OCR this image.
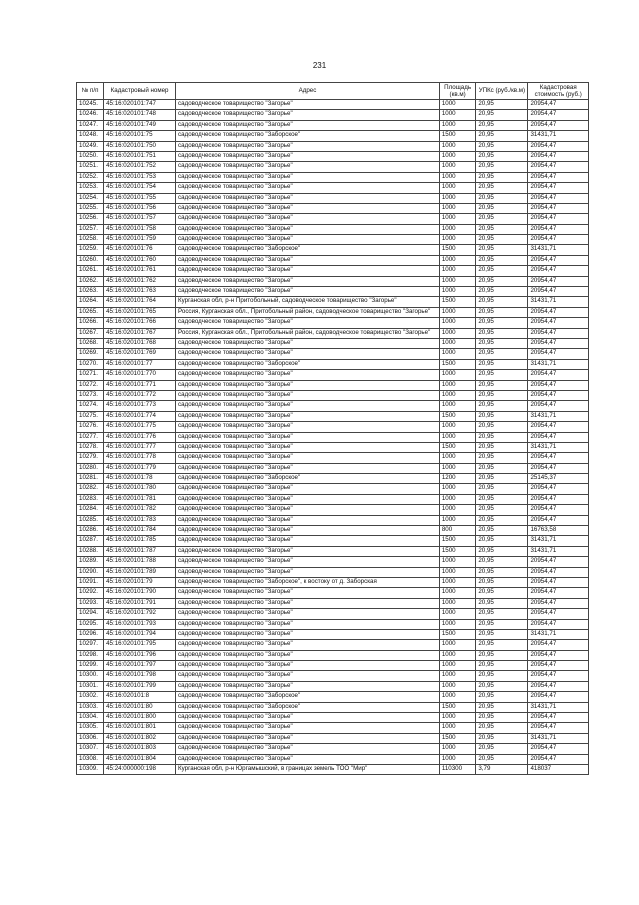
231
№ п/п	Кадастровый номер	Адрес	Площадь (кв.м)	УПКс (руб./кв.м)	Кадастровая стоимость (руб.)
10245.	45:16:020101:747	садоводческое товарищество "Загорье"	1000	20,95	20954,47
10246.	45:16:020101:748	садоводческое товарищество "Загорье"	1000	20,95	20954,47
10247.	45:16:020101:749	садоводческое товарищество "Загорье"	1000	20,95	20954,47
10248.	45:16:020101:75	садоводческое товарищество "Заборское"	1500	20,95	31431,71
10249.	45:16:020101:750	садоводческое товарищество "Загорье"	1000	20,95	20954,47
10250.	45:16:020101:751	садоводческое товарищество "Загорье"	1000	20,95	20954,47
10251.	45:16:020101:752	садоводческое товарищество "Загорье"	1000	20,95	20954,47
10252.	45:16:020101:753	садоводческое товарищество "Загорье"	1000	20,95	20954,47
10253.	45:16:020101:754	садоводческое товарищество "Загорье"	1000	20,95	20954,47
10254.	45:16:020101:755	садоводческое товарищество "Загорье"	1000	20,95	20954,47
10255.	45:16:020101:756	садоводческое товарищество "Загорье"	1000	20,95	20954,47
10256.	45:16:020101:757	садоводческое товарищество "Загорье"	1000	20,95	20954,47
10257.	45:16:020101:758	садоводческое товарищество "Загорье"	1000	20,95	20954,47
10258.	45:16:020101:759	садоводческое товарищество "Загорье"	1000	20,95	20954,47
10259.	45:16:020101:76	садоводческое товарищество "Заборское"	1500	20,95	31431,71
10260.	45:16:020101:760	садоводческое товарищество "Загорье"	1000	20,95	20954,47
10261.	45:16:020101:761	садоводческое товарищество "Загорье"	1000	20,95	20954,47
10262.	45:16:020101:762	садоводческое товарищество "Загорье"	1000	20,95	20954,47
10263.	45:16:020101:763	садоводческое товарищество "Загорье"	1000	20,95	20954,47
10264.	45:16:020101:764	Курганская обл, р-н Притобольный, садоводческое товарищество "Загорье"	1500	20,95	31431,71
10265.	45:16:020101:765	Россия, Курганская обл., Притобольный район, садоводческое товарищество "Загорье"	1000	20,95	20954,47
10266.	45:16:020101:766	садоводческое товарищество "Загорье"	1000	20,95	20954,47
10267.	45:16:020101:767	Россия, Курганская обл., Притобольный район, садоводческое товарищество "Загорье"	1000	20,95	20954,47
10268.	45:16:020101:768	садоводческое товарищество "Загорье"	1000	20,95	20954,47
10269.	45:16:020101:769	садоводческое товарищество "Загорье"	1000	20,95	20954,47
10270.	45:16:020101:77	садоводческое товарищество "Заборское"	1500	20,95	31431,71
10271.	45:16:020101:770	садоводческое товарищество "Загорье"	1000	20,95	20954,47
10272.	45:16:020101:771	садоводческое товарищество "Загорье"	1000	20,95	20954,47
10273.	45:16:020101:772	садоводческое товарищество "Загорье"	1000	20,95	20954,47
10274.	45:16:020101:773	садоводческое товарищество "Загорье"	1000	20,95	20954,47
10275.	45:16:020101:774	садоводческое товарищество "Загорье"	1500	20,95	31431,71
10276.	45:16:020101:775	садоводческое товарищество "Загорье"	1000	20,95	20954,47
10277.	45:16:020101:776	садоводческое товарищество "Загорье"	1000	20,95	20954,47
10278.	45:16:020101:777	садоводческое товарищество "Загорье"	1500	20,95	31431,71
10279.	45:16:020101:778	садоводческое товарищество "Загорье"	1000	20,95	20954,47
10280.	45:16:020101:779	садоводческое товарищество "Загорье"	1000	20,95	20954,47
10281.	45:16:020101:78	садоводческое товарищество "Заборское"	1200	20,95	25145,37
10282.	45:16:020101:780	садоводческое товарищество "Загорье"	1000	20,95	20954,47
10283.	45:16:020101:781	садоводческое товарищество "Загорье"	1000	20,95	20954,47
10284.	45:16:020101:782	садоводческое товарищество "Загорье"	1000	20,95	20954,47
10285.	45:16:020101:783	садоводческое товарищество "Загорье"	1000	20,95	20954,47
10286.	45:16:020101:784	садоводческое товарищество "Загорье"	800	20,95	16763,58
10287.	45:16:020101:785	садоводческое товарищество "Загорье"	1500	20,95	31431,71
10288.	45:16:020101:787	садоводческое товарищество "Загорье"	1500	20,95	31431,71
10289.	45:16:020101:788	садоводческое товарищество "Загорье"	1000	20,95	20954,47
10290.	45:16:020101:789	садоводческое товарищество "Загорье"	1000	20,95	20954,47
10291.	45:16:020101:79	садоводческое товарищество "Заборское", к востоку от д. Заборская	1000	20,95	20954,47
10292.	45:16:020101:790	садоводческое товарищество "Загорье"	1000	20,95	20954,47
10293.	45:16:020101:791	садоводческое товарищество "Загорье"	1000	20,95	20954,47
10294.	45:16:020101:792	садоводческое товарищество "Загорье"	1000	20,95	20954,47
10295.	45:16:020101:793	садоводческое товарищество "Загорье"	1000	20,95	20954,47
10296.	45:16:020101:794	садоводческое товарищество "Загорье"	1500	20,95	31431,71
10297.	45:16:020101:795	садоводческое товарищество "Загорье"	1000	20,95	20954,47
10298.	45:16:020101:796	садоводческое товарищество "Загорье"	1000	20,95	20954,47
10299.	45:16:020101:797	садоводческое товарищество "Загорье"	1000	20,95	20954,47
10300.	45:16:020101:798	садоводческое товарищество "Загорье"	1000	20,95	20954,47
10301.	45:16:020101:799	садоводческое товарищество "Загорье"	1000	20,95	20954,47
10302.	45:16:020101:8	садоводческое товарищество "Заборское"	1000	20,95	20954,47
10303.	45:16:020101:80	садоводческое товарищество "Заборское"	1500	20,95	31431,71
10304.	45:16:020101:800	садоводческое товарищество "Загорье"	1000	20,95	20954,47
10305.	45:16:020101:801	садоводческое товарищество "Загорье"	1000	20,95	20954,47
10306.	45:16:020101:802	садоводческое товарищество "Загорье"	1500	20,95	31431,71
10307.	45:16:020101:803	садоводческое товарищество "Загорье"	1000	20,95	20954,47
10308.	45:16:020101:804	садоводческое товарищество "Загорье"	1000	20,95	20954,47
10309.	45:24:000000:198	Курганская обл, р-н Юргамышский, в границах земель ТОО "Мир"	110300	3,79	418037
